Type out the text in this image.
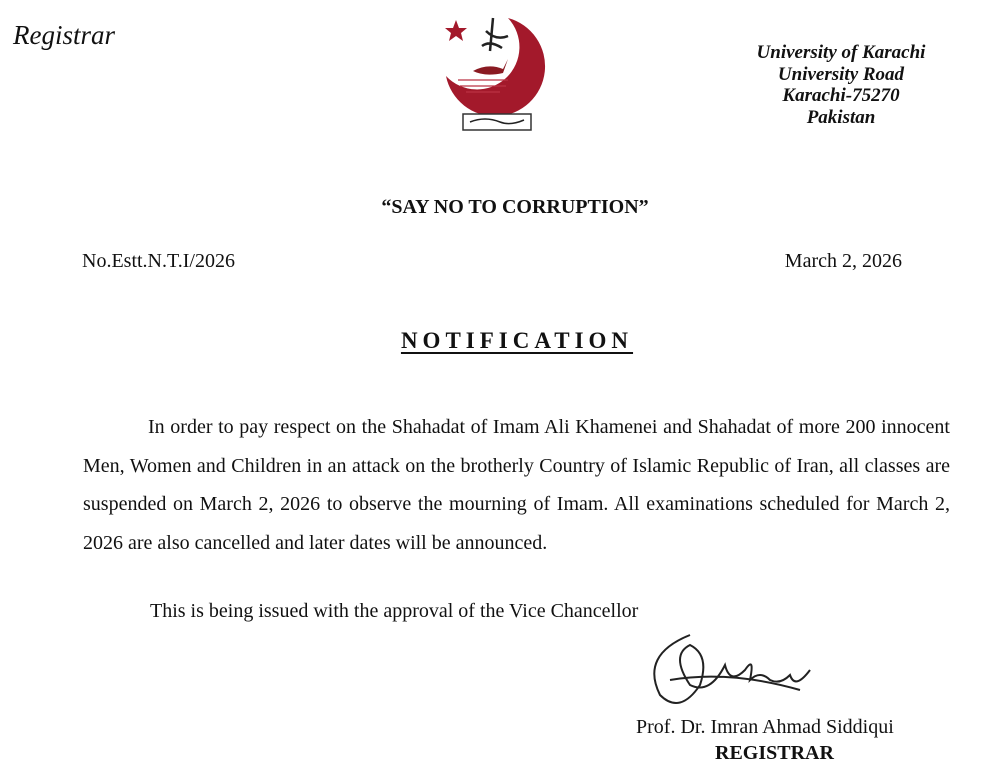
Registrar
University of Karachi
University Road
Karachi-75270
Pakistan
“SAY NO TO CORRUPTION”
No.Estt.N.T.I/2026	March 2, 2026
NOTIFICATION
In order to pay respect on the Shahadat of Imam Ali Khamenei and Shahadat of more 200 innocent Men, Women and Children in an attack on the brotherly Country of Islamic Republic of Iran, all classes are suspended on March 2, 2026 to observe the mourning of Imam. All examinations scheduled for March 2, 2026 are also cancelled and later dates will be announced.
This is being issued with the approval of the Vice Chancellor
Prof. Dr. Imran Ahmad Siddiqui
REGISTRAR
